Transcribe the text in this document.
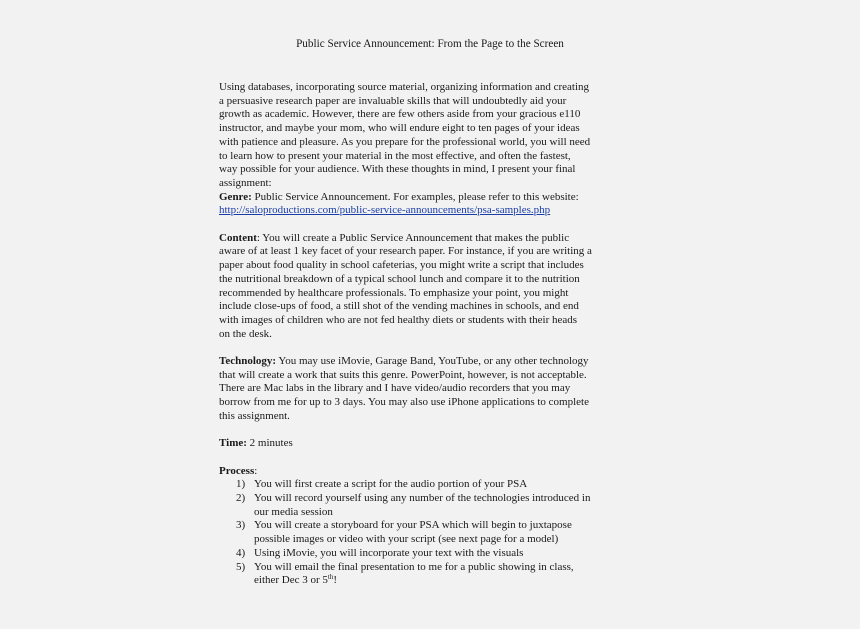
Public Service Announcement: From the Page to the Screen
Using databases, incorporating source material, organizing information and creating
a persuasive research paper are invaluable skills that will undoubtedly aid your
growth as academic. However, there are few others aside from your gracious e110
instructor, and maybe your mom, who will endure eight to ten pages of your ideas
with patience and pleasure. As you prepare for the professional world, you will need
to learn how to present your material in the most effective, and often the fastest,
way possible for your audience. With these thoughts in mind, I present your final
assignment:
Genre: Public Service Announcement. For examples, please refer to this website:
http://saloproductions.com/public-service-announcements/psa-samples.php
Content: You will create a Public Service Announcement that makes the public
aware of at least 1 key facet of your research paper. For instance, if you are writing a
paper about food quality in school cafeterias, you might write a script that includes
the nutritional breakdown of a typical school lunch and compare it to the nutrition
recommended by healthcare professionals. To emphasize your point, you might
include close-ups of food, a still shot of the vending machines in schools, and end
with images of children who are not fed healthy diets or students with their heads
on the desk.
Technology: You may use iMovie, Garage Band, YouTube, or any other technology
that will create a work that suits this genre. PowerPoint, however, is not acceptable.
There are Mac labs in the library and I have video/audio recorders that you may
borrow from me for up to 3 days. You may also use iPhone applications to complete
this assignment.
Time: 2 minutes
Process:
1) You will first create a script for the audio portion of your PSA
2) You will record yourself using any number of the technologies introduced in
our media session
3) You will create a storyboard for your PSA which will begin to juxtapose
possible images or video with your script (see next page for a model)
4) Using iMovie, you will incorporate your text with the visuals
5) You will email the final presentation to me for a public showing in class,
either Dec 3 or 5th!
